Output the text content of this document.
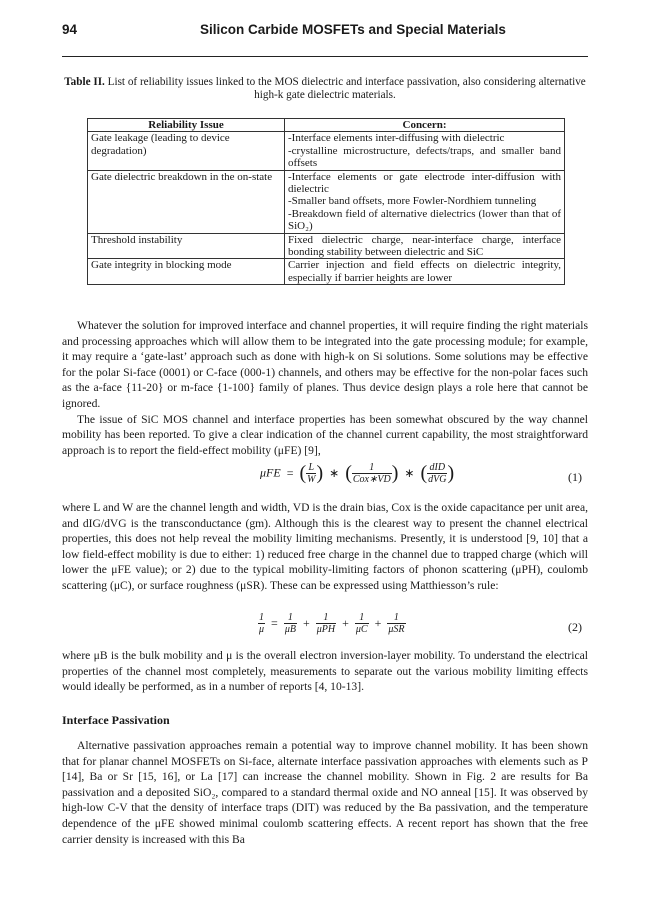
94	Silicon Carbide MOSFETs and Special Materials
Table II. List of reliability issues linked to the MOS dielectric and interface passivation, also considering alternative high-k gate dielectric materials.
Reliability Issue	Concern:
Gate leakage (leading to device degradation)	-Interface elements inter-diffusing with dielectric
-crystalline microstructure, defects/traps, and smaller band offsets

Gate dielectric breakdown in the on-state	-Interface elements or gate electrode inter-diffusion with dielectric
-Smaller band offsets, more Fowler-Nordhiem tunneling
-Breakdown field of alternative dielectrics (lower than that of SiO₂)

Threshold instability	Fixed dielectric charge, near-interface charge, interface bonding stability between dielectric and SiC

Gate integrity in blocking mode	Carrier injection and field effects on dielectric integrity, especially if barrier heights are lower

Whatever the solution for improved interface and channel properties, it will require finding the right materials and processing approaches which will allow them to be integrated into the gate processing module; for example, it may require a ‘gate-last’ approach such as done with high-k on Si solutions. Some solutions may be effective for the polar Si-face (0001) or C-face (000-1) channels, and others may be effective for the non-polar faces such as the a-face {11-20} or m-face {1-100} family of planes. Thus device design plays a role here that cannot be ignored.

The issue of SiC MOS channel and interface properties has been somewhat obscured by the way channel mobility has been reported. To give a clear indication of the channel current capability, the most straightforward approach is to report the field-effect mobility (μFE) [9],

μFE = ( $\frac{L}{W}$ ) ∗ ( $\frac{1}{\text{Cox∗VD}}$ ) ∗ ( $\frac{\text{dID}}{\text{dVG}}$ )	(1)

where L and W are the channel length and width, VD is the drain bias, Cox is the oxide capacitance per unit area, and dIG/dVG is the transconductance (gm). Although this is the clearest way to present the channel electrical properties, this does not help reveal the mobility limiting mechanisms. Presently, it is understood [9, 10] that a low field-effect mobility is due to either: 1) reduced free charge in the channel due to trapped charge (which will lower the μFE value); or 2) due to the typical mobility-limiting factors of phonon scattering (μPH), coulomb scattering (μC), or surface roughness (μSR). These can be expressed using Matthiesson’s rule:

$\frac{1}{\mu} = \frac{1}{\mu B} + \frac{1}{\text{μPH}} + \frac{1}{\mu C} + \frac{1}{\text{μSR}}$	(2)

where μB is the bulk mobility and μ is the overall electron inversion-layer mobility. To understand the electrical properties of the channel most completely, measurements to separate out the various mobility limiting effects would ideally be performed, as in a number of reports [4, 10-13].

Interface Passivation

Alternative passivation approaches remain a potential way to improve channel mobility. It has been shown that for planar channel MOSFETs on Si-face, alternate interface passivation approaches with elements such as P [14], Ba or Sr [15, 16], or La [17] can increase the channel mobility. Shown in Fig. 2 are results for Ba passivation and a deposited SiO₂, compared to a standard thermal oxide and NO anneal [15]. It was observed by high-low C-V that the density of interface traps (DIT) was reduced by the Ba passivation, and the temperature dependence of the μFE showed minimal coulomb scattering effects. A recent report has shown that the free carrier density is increased with this Ba
